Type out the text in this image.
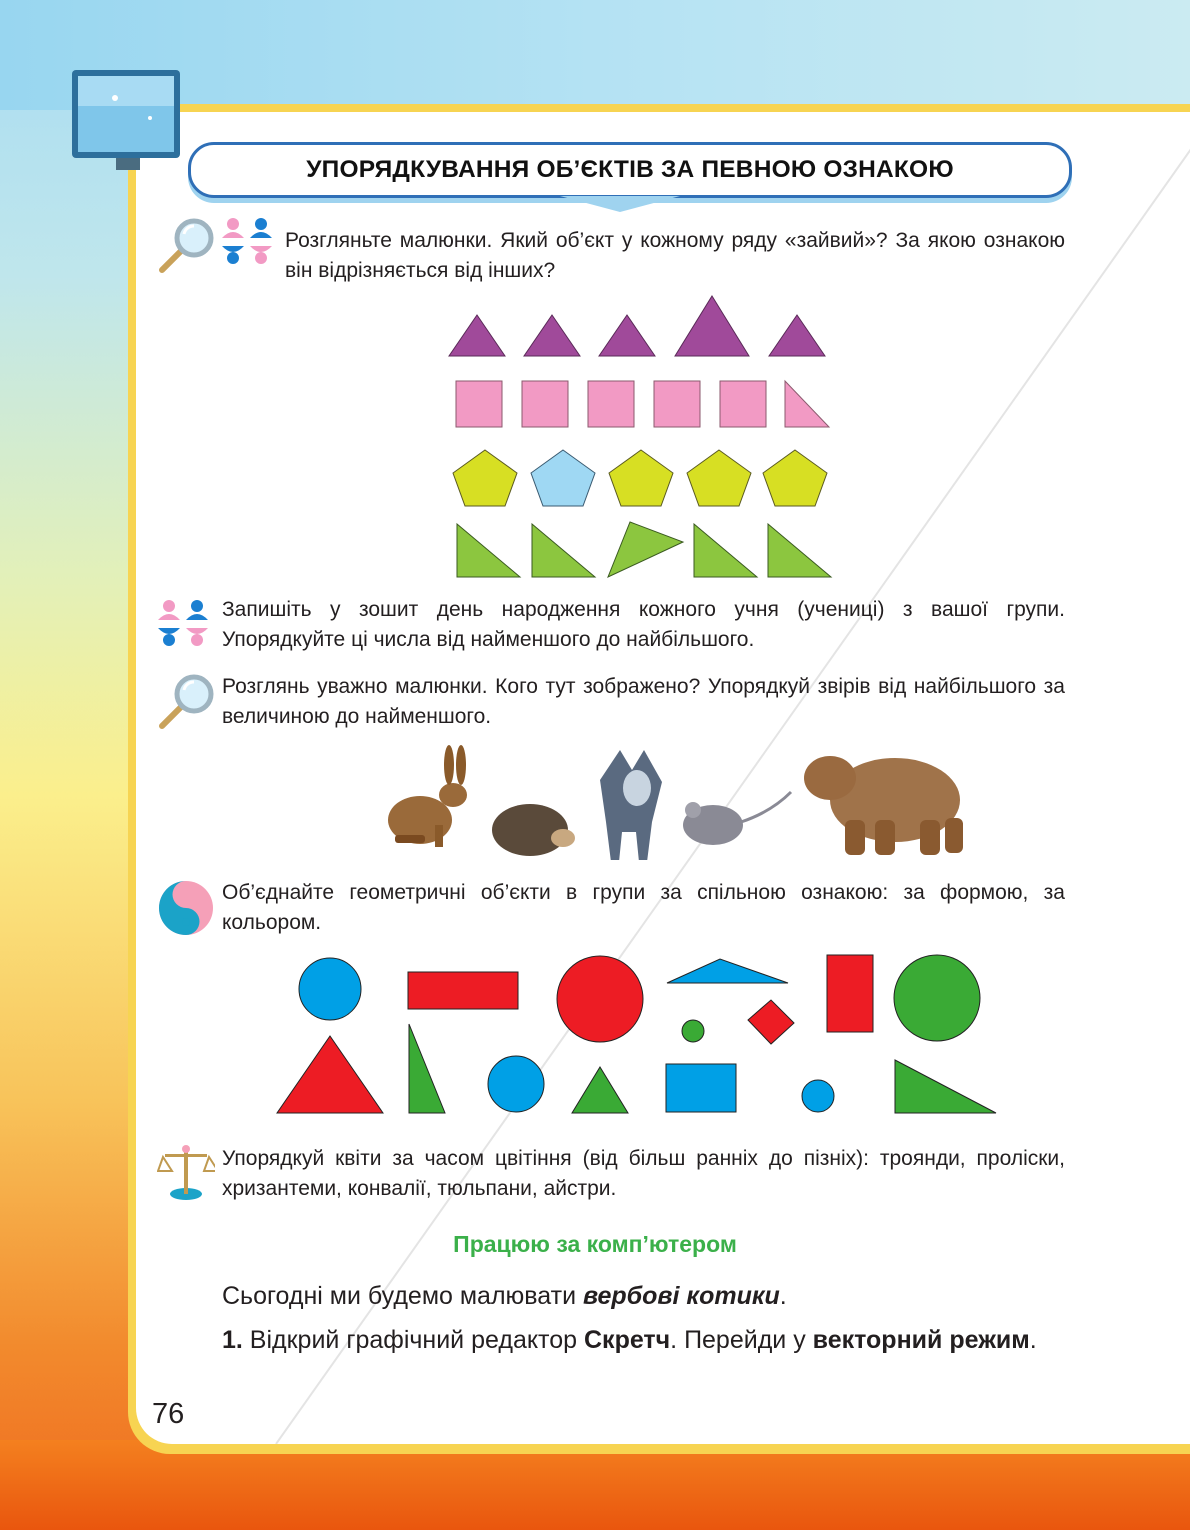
УПОРЯДКУВАННЯ ОБ’ЄКТІВ ЗА ПЕВНОЮ ОЗНАКОЮ
Розгляньте малюнки. Який об’єкт у кожному ряду «зайвий»? За якою ознакою він відрізняється від інших?
Запишіть у зошит день народження кожного учня (учениці) з вашої групи. Упорядкуйте ці числа від найменшого до найбільшого.
Розглянь уважно малюнки. Кого тут зображено? Упорядкуй звірів від найбільшого за величиною до найменшого.
Об’єднайте геометричні об’єкти в групи за спільною ознакою: за формою, за кольором.
Упорядкуй квіти за часом цвітіння (від більш ранніх до пізніх): троянди, проліски, хризантеми, конвалії, тюльпани, айстри.
Працюю за комп’ютером
Сьогодні ми будемо малювати вербові котики.
1. Відкрий графічний редактор Скретч. Перейди у векторний режим.
76
